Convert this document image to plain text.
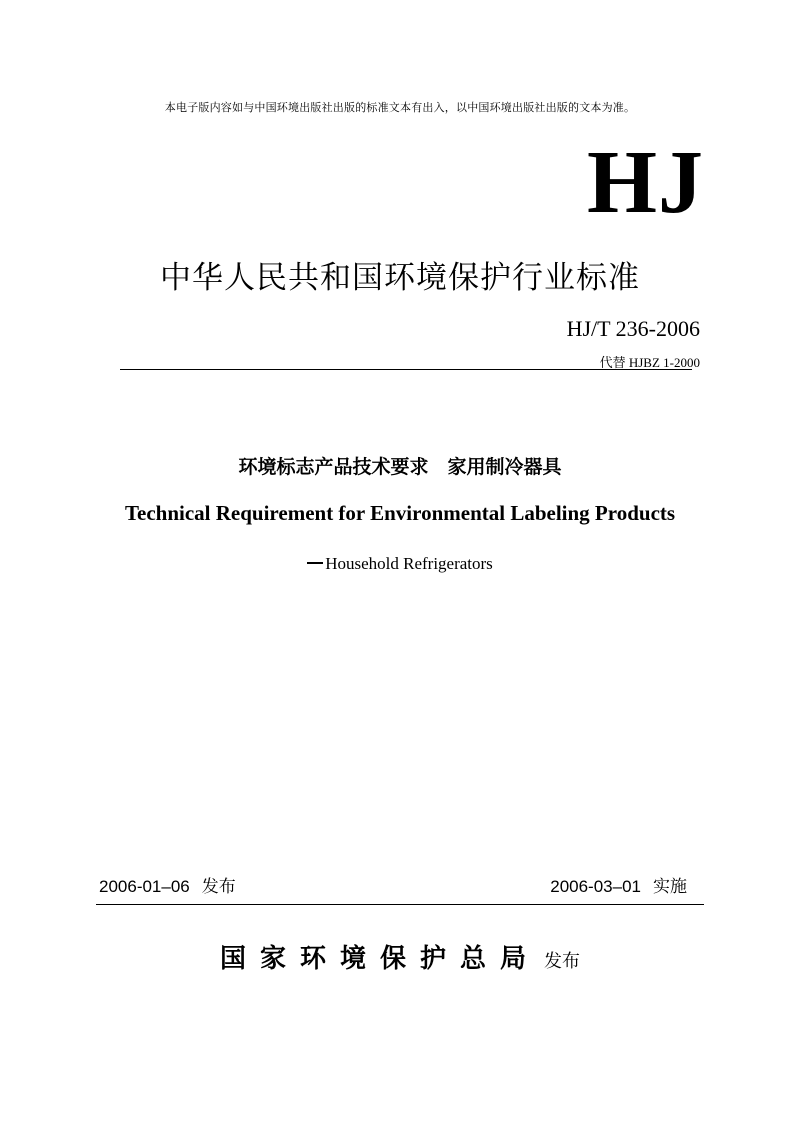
本电子版内容如与中国环境出版社出版的标准文本有出入，以中国环境出版社出版的文本为准。
HJ
中华人民共和国环境保护行业标准
HJ/T 236-2006
代替 HJBZ 1-2000
环境标志产品技术要求　家用制冷器具
Technical Requirement for Environmental Labeling Products
Household Refrigerators
2006-01–06 发布	2006-03–01 实施
国家环境保护总局 发布
